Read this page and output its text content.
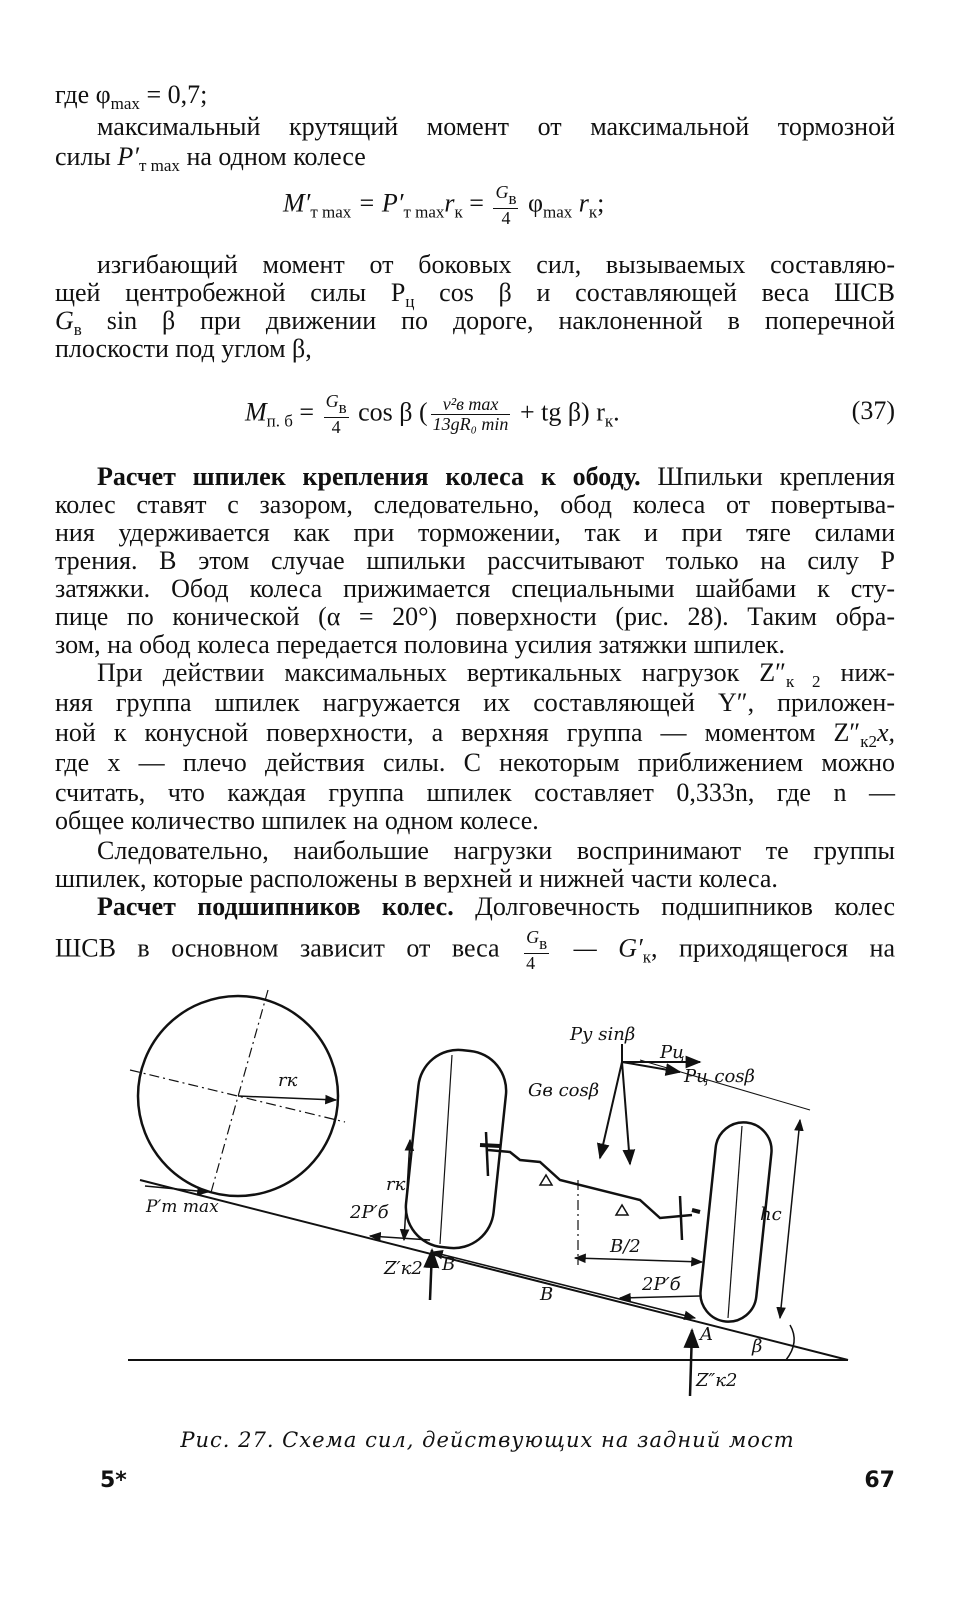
где $\varphi_{max} = 0,7$;
максимальный крутящий момент от максимальной тормозной
силы $P'_{т max}$ на одном колесе
$M'_{т max} = P'_{т max}r_к = \frac{Gв}{4} \varphi_{max}$ $r_к$;
изгибающий момент от боковых сил, вызываемых составляю-
щей центробежной силы $P_ц$ cos β и составляющей веса ШСВ
$G_в$ sin β при движении по дороге, наклоненной в поперечной
плоскости под углом β,
$M_{п. б} = \frac{Gв}{4}$ cos β ( $\frac{\text{v²в max}}{\text{13gR₀ min}}$ + tg β) $r_к$.	(37)
Расчет шпилек крепления колеса к ободу. Шпильки крепления
колес ставят с зазором, следовательно, обод колеса от повертыва-
ния удерживается как при торможении, так и при тяге силами
трения. В этом случае шпильки рассчитывают только на силу P
затяжки. Обод колеса прижимается специальными шайбами к сту-
пице по конической (α = 20°) поверхности (рис. 28). Таким обра-
зом, на обод колеса передается половина усилия затяжки шпилек.
При действии максимальных вертикальных нагрузок $Z''_{к 2}$ ниж-
няя группа шпилек нагружается их составляющей Y″, приложен-
ной к конусной поверхности, а верхняя группа — моментом $Z''_{к2}x$,
где x — плечо действия силы. С некоторым приближением можно
считать, что каждая группа шпилек составляет 0,333n, где n —
общее количество шпилек на одном колесе.
Следовательно, наибольшие нагрузки воспринимают те группы
шпилек, которые расположены в верхней и нижней части колеса.
Расчет подшипников колес. Долговечность подшипников колес
ШСВ в основном зависит от веса $\frac{Gв}{4}$ — $G'_к$, приходящегося на
rк
P′т max
Pу sinβ
Pц
Pц cosβ
Gв cosβ
rк
2P′б
Z′к2 B
B/2
B	2P′б
A
hc
β
Z″к2
Рис. 27. Схема сил, действующих на задний мост
5*	67
